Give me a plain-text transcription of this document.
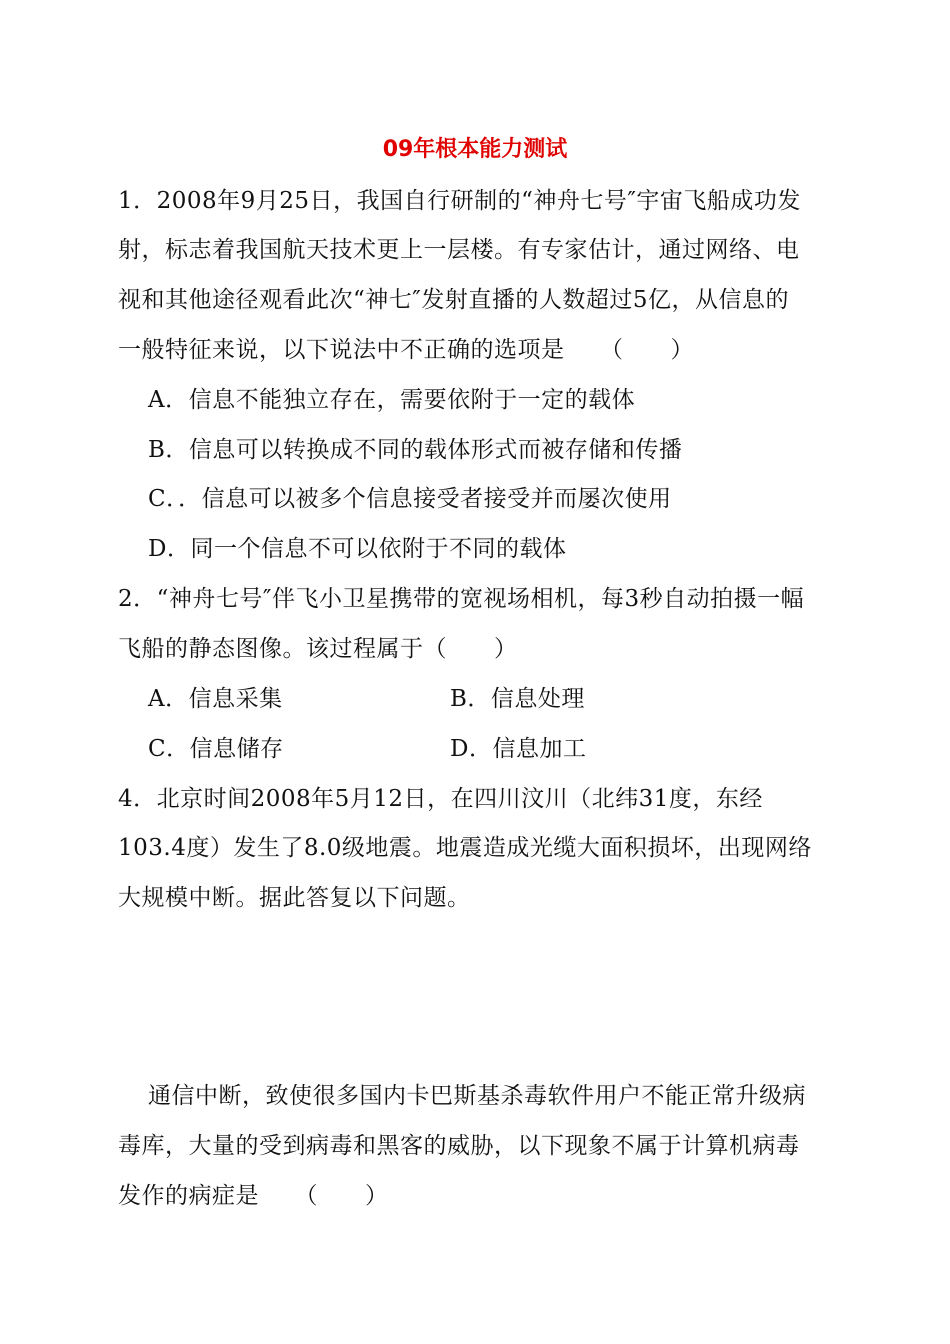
09年根本能力测试
1．2008年9月25日，我国自行研制的“神舟七号″宇宙飞船成功发
射，标志着我国航天技术更上一层楼。有专家估计，通过网络、电
视和其他途径观看此次“神七″发射直播的人数超过5亿，从信息的
一般特征来说，以下说法中不正确的选项是　　（　　）
A．信息不能独立存在，需要依附于一定的载体
B．信息可以转换成不同的载体形式而被存储和传播
C．．信息可以被多个信息接受者接受并而屡次使用
D．同一个信息不可以依附于不同的载体
2．“神舟七号″伴飞小卫星携带的宽视场相机，每3秒自动拍摄一幅
飞船的静态图像。该过程属于（　　）
A．信息采集	B．信息处理
C．信息储存	D．信息加工
4．北京时间2008年5月12日，在四川汶川（北纬31度，东经
103.4度）发生了8.0级地震。地震造成光缆大面积损坏，出现网络
大规模中断。据此答复以下问题。
通信中断，致使很多国内卡巴斯基杀毒软件用户不能正常升级病
毒库，大量的受到病毒和黑客的威胁，以下现象不属于计算机病毒
发作的病症是　　（　　）
